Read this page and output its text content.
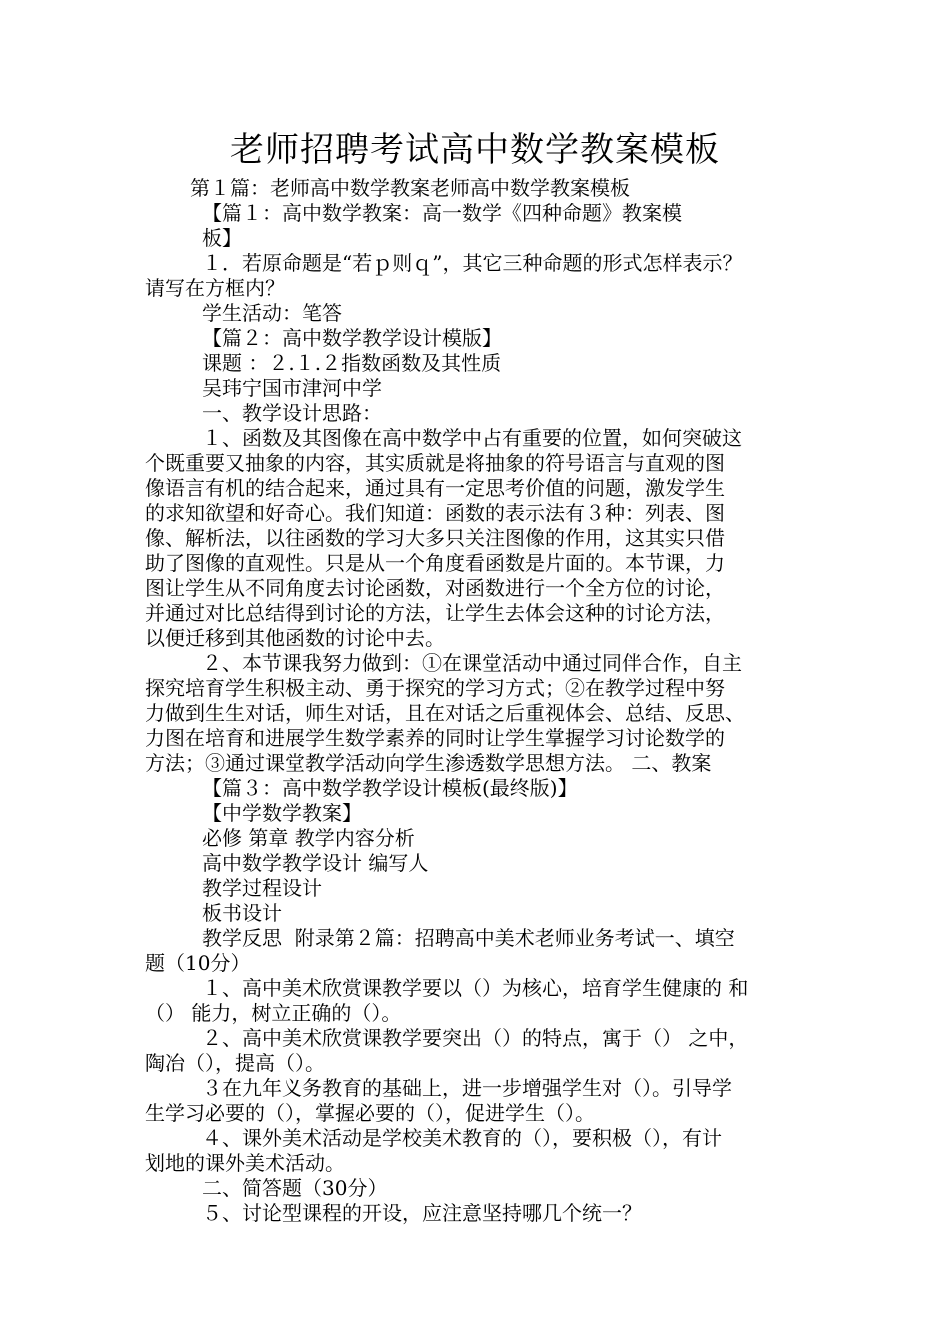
老师招聘考试高中数学教案模板
第１篇：老师高中数学教案老师高中数学教案模板
【篇１：高中数学教案：高一数学《四种命题》教案模
板】
１．若原命题是“若ｐ则ｑ”，其它三种命题的形式怎样表示？
请写在方框内？
学生活动：笔答
【篇２：高中数学教学设计模版】
课题 ：２.１.２指数函数及其性质
吴玮宁国市津河中学
一、教学设计思路：
１、函数及其图像在高中数学中占有重要的位置，如何突破这
个既重要又抽象的内容，其实质就是将抽象的符号语言与直观的图
像语言有机的结合起来，通过具有一定思考价值的问题，激发学生
的求知欲望和好奇心。我们知道：函数的表示法有３种：列表、图
像、解析法，以往函数的学习大多只关注图像的作用，这其实只借
助了图像的直观性。只是从一个角度看函数是片面的。本节课，力
图让学生从不同角度去讨论函数，对函数进行一个全方位的讨论，
并通过对比总结得到讨论的方法，让学生去体会这种的讨论方法，
以便迁移到其他函数的讨论中去。
２、本节课我努力做到：①在课堂活动中通过同伴合作，自主
探究培育学生积极主动、勇于探究的学习方式；②在教学过程中努
力做到生生对话，师生对话，且在对话之后重视体会、总结、反思、
力图在培育和进展学生数学素养的同时让学生掌握学习讨论数学的
方法；③通过课堂教学活动向学生渗透数学思想方法。 二、教案
【篇３：高中数学教学设计模板(最终版)】
【中学数学教案】
必修 第章 教学内容分析
高中数学教学设计 编写人
教学过程设计
板书设计
教学反思  附录第２篇：招聘高中美术老师业务考试一、填空
题（10分）
１、高中美术欣赏课教学要以（）为核心，培育学生健康的 和
（） 能力，树立正确的（）。
２、高中美术欣赏课教学要突出（）的特点，寓于（） 之中，
陶冶（），提高（）。
３在九年义务教育的基础上，进一步增强学生对（）。引导学
生学习必要的（），掌握必要的（），促进学生（）。
４、课外美术活动是学校美术教育的（），要积极（），有计
划地的课外美术活动。
二、简答题（30分）
５、讨论型课程的开设，应注意坚持哪几个统一？
